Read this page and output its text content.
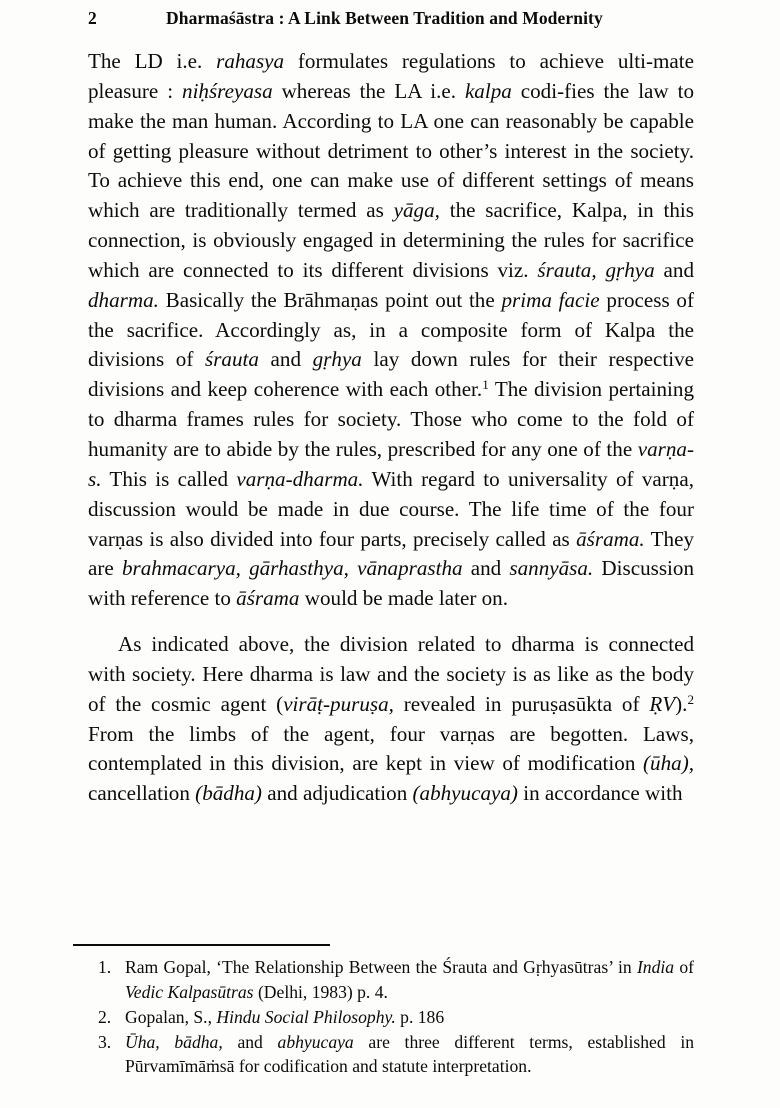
2	Dharmaśāstra : A Link Between Tradition and Modernity

The LD i.e. rahasya formulates regulations to achieve ulti-mate pleasure : niḥśreyasa whereas the LA i.e. kalpa codi-fies the law to make the man human. According to LA one can reasonably be capable of getting pleasure without detriment to other’s interest in the society. To achieve this end, one can make use of different settings of means which are traditionally termed as yāga, the sacrifice, Kalpa, in this connection, is obviously engaged in determining the rules for sacrifice which are connected to its different divisions viz. śrauta, gṛhya and dharma. Basically the Brāhmaṇas point out the prima facie process of the sacrifice. Accordingly as, in a composite form of Kalpa the divisions of śrauta and gṛhya lay down rules for their respective divisions and keep coherence with each other.$^1$ The division pertaining to dharma frames rules for society. Those who come to the fold of humanity are to abide by the rules, prescribed for any one of the varṇa-s. This is called varṇa-dharma. With regard to universality of varṇa, discussion would be made in due course. The life time of the four varṇas is also divided into four parts, precisely called as āśrama. They are brahmacarya, gārhasthya, vānaprastha and sannyāsa. Discussion with reference to āśrama would be made later on.

As indicated above, the division related to dharma is connected with society. Here dharma is law and the society is as like as the body of the cosmic agent (virāṭ-puruṣa, revealed in puruṣasūkta of ṚV).$^2$ From the limbs of the agent, four varṇas are begotten. Laws, contemplated in this division, are kept in view of modification (ūha), cancellation (bādha) and adjudication (abhyucaya) in accordance with

1. Ram Gopal, ‘The Relationship Between the Śrauta and Gṛhyasūtras’ in India of Vedic Kalpasūtras (Delhi, 1983) p. 4.

2. Gopalan, S., Hindu Social Philosophy. p. 186

3. Ūha, bādha, and abhyucaya are three different terms, established in Pūrvamīmāṁsā for codification and statute interpretation.
